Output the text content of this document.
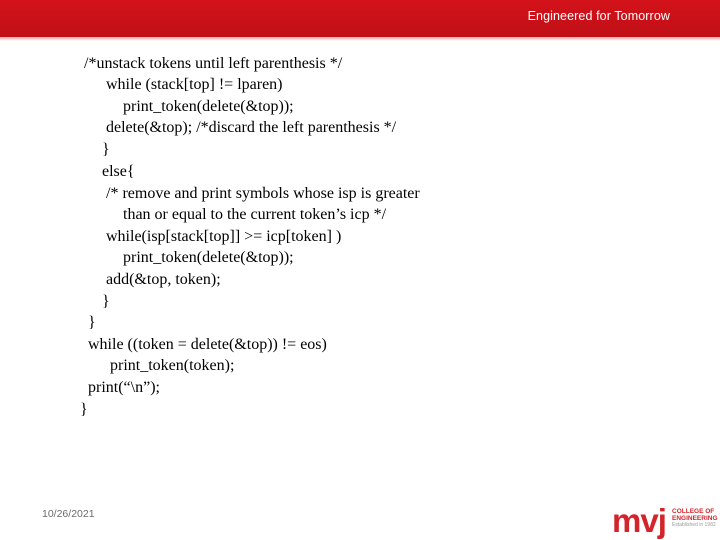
Engineered for Tomorrow

/*unstack tokens until left parenthesis */

while (stack[top] != lparen)

print_token(delete(&top));

delete(&top); /*discard the left parenthesis */

}

else{

/* remove and print symbols whose isp is greater

than or equal to the current token’s icp */

while(isp[stack[top]] >= icp[token] )

print_token(delete(&top));

add(&top, token);

}

}

while ((token = delete(&top)) != eos)

print_token(token);

print(“\n”);

}

10/26/2021	mvj COLLEGE OF
ENGINEERING
Established in 1982
